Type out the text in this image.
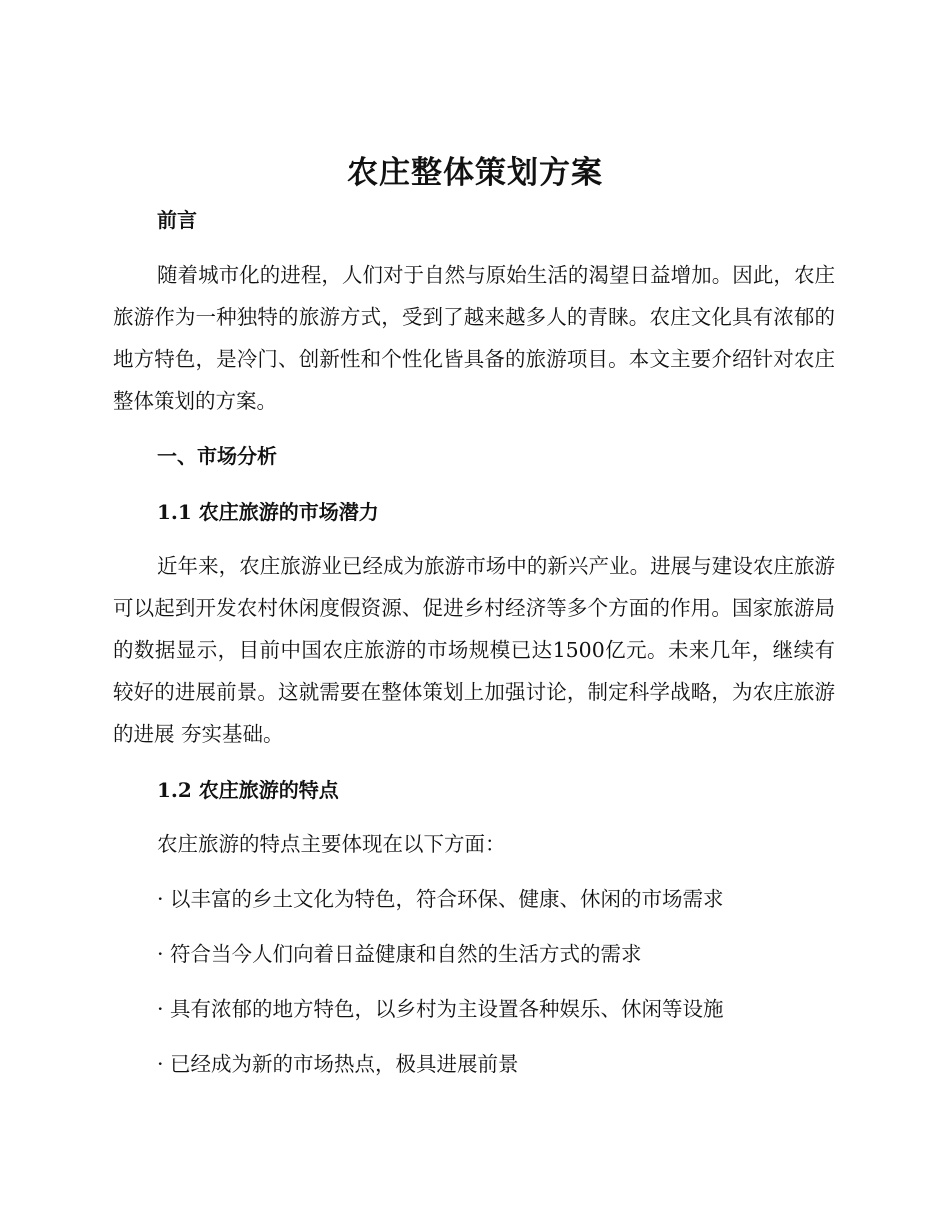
农庄整体策划方案
前言

随着城市化的进程，人们对于自然与原始生活的渴望日益增加。因此，农庄旅游作为一种独特的旅游方式，受到了越来越多人的青睐。农庄文化具有浓郁的地方特色，是冷门、创新性和个性化皆具备的旅游项目。本文主要介绍针对农庄整体策划的方案。

一、市场分析
1.1 农庄旅游的市场潜力

近年来，农庄旅游业已经成为旅游市场中的新兴产业。进展与建设农庄旅游可以起到开发农村休闲度假资源、促进乡村经济等多个方面的作用。国家旅游局的数据显示，目前中国农庄旅游的市场规模已达1500亿元。未来几年，继续有较好的进展前景。这就需要在整体策划上加强讨论，制定科学战略，为农庄旅游的进展 夯实基础。

1.2 农庄旅游的特点

农庄旅游的特点主要体现在以下方面：

· 以丰富的乡土文化为特色，符合环保、健康、休闲的市场需求

· 符合当今人们向着日益健康和自然的生活方式的需求

· 具有浓郁的地方特色，以乡村为主设置各种娱乐、休闲等设施

· 已经成为新的市场热点，极具进展前景
